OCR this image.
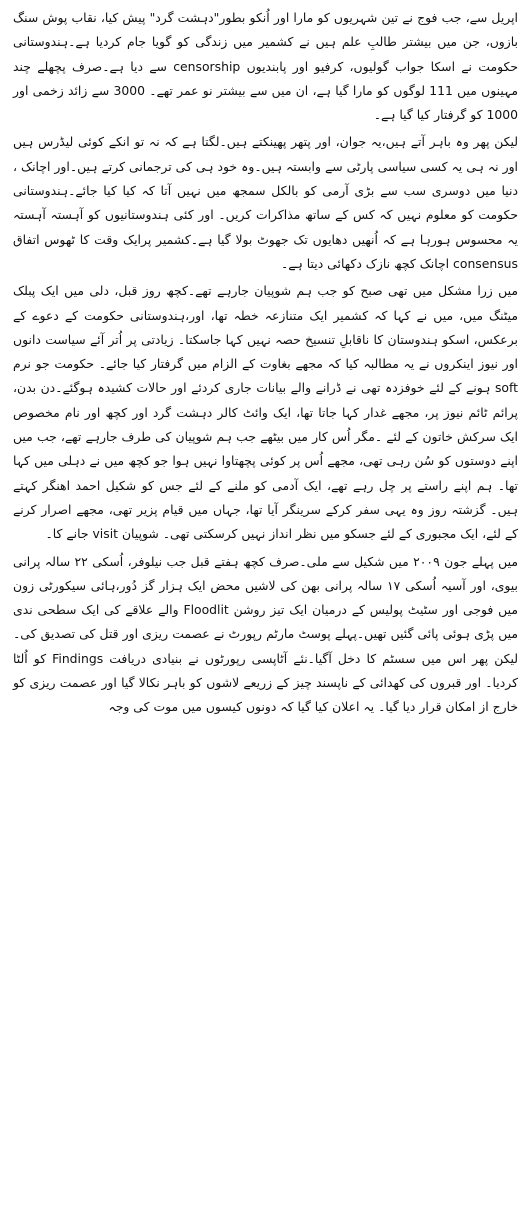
اپریل سے، جب فوج نے تین شہریوں کو مارا اور اُنکو بطور"دہشت گرد" پیش کیا، نقاب پوش سنگ بازوں، جن میں بیشتر طالبِ علم ہیں نے کشمیر میں زندگی کو گویا جام کردیا ہے۔ہندوستانی حکومت نے اسکا جواب گولیوں، کرفیو اور پابندیوں censorship سے دیا ہے۔صرف پچھلے چند مہینوں میں 111 لوگوں کو مارا گیا ہے، ان میں سے بیشتر نو عمر تھے۔ 3000 سے زائد زخمی اور 1000 کو گرفتار کیا گیا ہے۔

لیکن پھر وہ باہر آتے ہیں،یہ جوان، اور پتھر پھینکتے ہیں۔لگتا ہے کہ نہ تو انکے کوئی لیڈرس ہیں اور نہ ہی یہ کسی سیاسی پارٹی سے وابستہ ہیں۔وہ خود ہی کی ترجمانی کرتے ہیں۔اور اچانک ، دنیا میں دوسری سب سے بڑی آرمی کو بالکل سمجھ میں نہیں آتا کہ کیا کیا جائے۔ہندوستانی حکومت کو معلوم نہیں کہ کس کے ساتھ مذاکرات کریں۔ اور کئی ہندوستانیوں کو آہستہ آہستہ یہ محسوس ہورہا ہے کہ اُنھیں دھایوں تک جھوٹ بولا گیا ہے۔کشمیر پرایک وقت کا ٹھوس اتفاق consensus اچانک کچھ نازک دکھائی دیتا ہے۔

میں زرا مشکل میں تھی صبح کو جب ہم شوپیان جارہے تھے۔کچھ روز قبل، دلی میں ایک پبلک میٹنگ میں، میں نے کہا کہ کشمیر ایک متنازعہ خطہ تھا، اور،ہندوستانی حکومت کے دعوے کے برعکس، اسکو ہندوستان کا ناقابلِ تنسیخ حصہ نہیں کہا جاسکتا۔ زیادتی پر اُتر آئے سیاست دانوں اور نیوز اینکروں نے یہ مطالبہ کیا کہ مجھے بغاوت کے الزام میں گرفتار کیا جائے۔ حکومت جو نرم soft ہونے کے لئے خوفزدہ تھی نے ڈرانے والے بیانات جاری کردئے اور حالات کشیدہ ہوگئے۔دن بدن، پرائم ٹائم نیوز پر، مجھے غدار کہا جاتا تھا، ایک وائٹ کالر دہشت گرد اور کچھ اور نام مخصوص ایک سرکش خاتون کے لئے ۔مگر اُس کار میں بیٹھے جب ہم شوپیان کی طرف جارہے تھے، جب میں اپنے دوستوں کو سُن رہی تھی، مجھے اُس پر کوئی پچھتاوا نہیں ہوا جو کچھ میں نے دہلی میں کہا تھا۔ ہم اپنے راستے پر چل رہے تھے، ایک آدمی کو ملنے کے لئے جس کو شکیل احمد اھنگر کہتے ہیں۔ گزشتہ روز وہ یہی سفر کرکے سرینگر آیا تھا، جہاں میں قیام پزیر تھی، مجھے اصرار کرنے کے لئے، ایک مجبوری کے لئے جسکو میں نظر انداز نہیں کرسکتی تھی۔ شوپیان visit جانے کا۔

میں پہلے جون ۲۰۰۹ میں شکیل سے ملی۔صرف کچھ ہفتے قبل جب نیلوفر، اُسکی ۲۲ سالہ پرانی بیوی، اور آسیہ اُسکی ۱۷ سالہ پرانی بھن کی لاشیں محض ایک ہزار گز دُور،ہائی سیکورٹی زون میں فوجی اور سٹیٹ پولیس کے درمیان ایک تیز روشن Floodlit والے علاقے کی ایک سطحی ندی میں پڑی ہوئی پائی گئیں تھیں۔پہلے پوسٹ مارٹم رپورٹ نے عصمت ریزی اور قتل کی تصدیق کی۔ لیکن پھر اس میں سسٹم کا دخل آگیا۔نئے آٹاپسی رپورٹوں نے بنیادی دریافت Findings کو اُلٹا کردیا۔ اور قبروں کی کھدائی کے ناپسند چیز کے زریعے لاشوں کو باہر نکالا گیا اور عصمت ریزی کو خارج از امکان قرار دیا گیا۔ یہ اعلان کیا گیا کہ دونوں کیسوں میں موت کی وجہ
